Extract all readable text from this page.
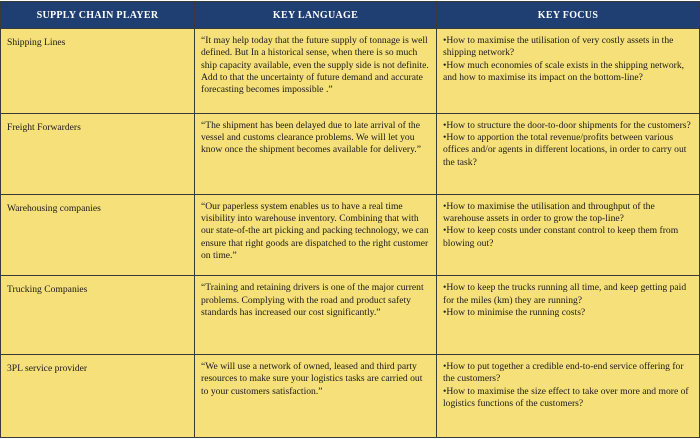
SUPPLY CHAIN PLAYER	KEY LANGUAGE	KEY FOCUS
Shipping Lines	“It may help today that the future supply of tonnage is well defined. But In a historical sense, when there is so much ship capacity available, even the supply side is not definite. Add to that the uncertainty of future demand and accurate forecasting becomes impossible .”	•How to maximise the utilisation of very costly assets in the shipping network?
•How much economies of scale exists in the shipping network, and how to maximise its impact on the bottom-line?

Freight Forwarders	“The shipment has been delayed due to late arrival of the vessel and customs clearance problems. We will let you know once the shipment becomes available for delivery.”	•How to structure the door-to-door shipments for the customers?
•How to apportion the total revenue/profits between various offices and/or agents in different locations, in order to carry out the task?

Warehousing companies	“Our paperless system enables us to have a real time visibility into warehouse inventory. Combining that with our state-of-the art picking and packing technology, we can ensure that right goods are dispatched to the right customer on time.”	•How to maximise the utilisation and throughput of the warehouse assets in order to grow the top-line?
•How to keep costs under constant control to keep them from blowing out?

Trucking Companies	“Training and retaining drivers is one of the major current problems. Complying with the road and product safety standards has increased our cost significantly.”	•How to keep the trucks running all time, and keep getting paid for the miles (km) they are running?
•How to minimise the running costs?

3PL service provider	“We will use a network of owned, leased and third party resources to make sure your logistics tasks are carried out to your customers satisfaction.”	•How to put together a credible end-to-end service offering for the customers?
•How to maximise the size effect to take over more and more of logistics functions of the customers?
